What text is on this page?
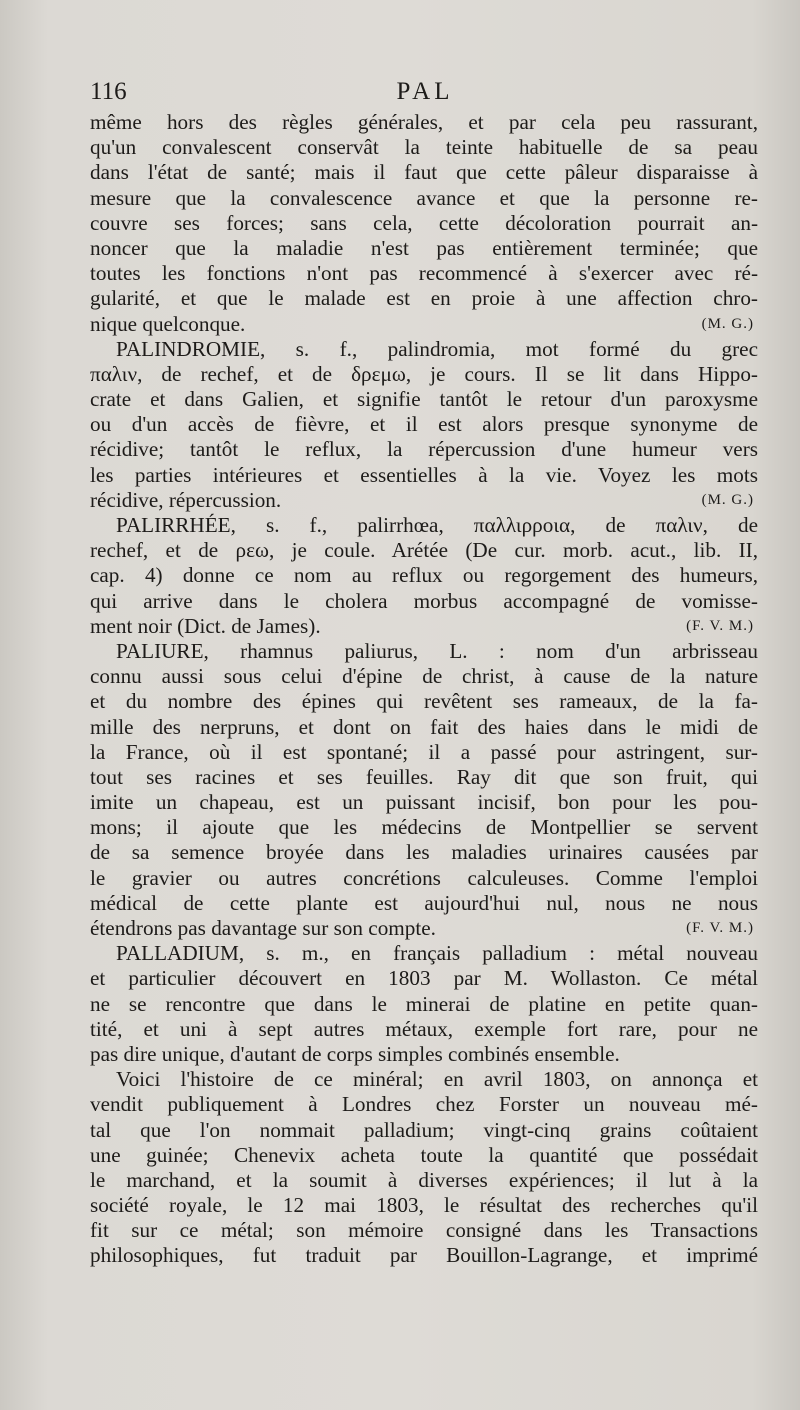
116	PAL
même hors des règles générales, et par cela peu rassurant,
qu'un convalescent conservât la teinte habituelle de sa peau
dans l'état de santé; mais il faut que cette pâleur disparaisse à
mesure que la convalescence avance et que la personne re-
couvre ses forces; sans cela, cette décoloration pourrait an-
noncer que la maladie n'est pas entièrement terminée; que
toutes les fonctions n'ont pas recommencé à s'exercer avec ré-
gularité, et que le malade est en proie à une affection chro-
(M. G.)
nique quelconque.
PALINDROMIE, s. f., palindromia, mot formé du grec
παλιν, de rechef, et de δρεμω, je cours. Il se lit dans Hippo-
crate et dans Galien, et signifie tantôt le retour d'un paroxysme
ou d'un accès de fièvre, et il est alors presque synonyme de
récidive; tantôt le reflux, la répercussion d'une humeur vers
les parties intérieures et essentielles à la vie. Voyez les mots
(M. G.)
récidive, répercussion.
PALIRRHÉE, s. f., palirrhœa, παλλιρροια, de παλιν, de
rechef, et de ρεω, je coule. Arétée (De cur. morb. acut., lib. II,
cap. 4) donne ce nom au reflux ou regorgement des humeurs,
qui arrive dans le cholera morbus accompagné de vomisse-
(F. V. M.)
ment noir (Dict. de James).
PALIURE, rhamnus paliurus, L. : nom d'un arbrisseau
connu aussi sous celui d'épine de christ, à cause de la nature
et du nombre des épines qui revêtent ses rameaux, de la fa-
mille des nerpruns, et dont on fait des haies dans le midi de
la France, où il est spontané; il a passé pour astringent, sur-
tout ses racines et ses feuilles. Ray dit que son fruit, qui
imite un chapeau, est un puissant incisif, bon pour les pou-
mons; il ajoute que les médecins de Montpellier se servent
de sa semence broyée dans les maladies urinaires causées par
le gravier ou autres concrétions calculeuses. Comme l'emploi
médical de cette plante est aujourd'hui nul, nous ne nous
(F. V. M.)
étendrons pas davantage sur son compte.
PALLADIUM, s. m., en français palladium : métal nouveau
et particulier découvert en 1803 par M. Wollaston. Ce métal
ne se rencontre que dans le minerai de platine en petite quan-
tité, et uni à sept autres métaux, exemple fort rare, pour ne
pas dire unique, d'autant de corps simples combinés ensemble.
Voici l'histoire de ce minéral; en avril 1803, on annonça et
vendit publiquement à Londres chez Forster un nouveau mé-
tal que l'on nommait palladium; vingt-cinq grains coûtaient
une guinée; Chenevix acheta toute la quantité que possédait
le marchand, et la soumit à diverses expériences; il lut à la
société royale, le 12 mai 1803, le résultat des recherches qu'il
fit sur ce métal; son mémoire consigné dans les Transactions
philosophiques, fut traduit par Bouillon-Lagrange, et imprimé
